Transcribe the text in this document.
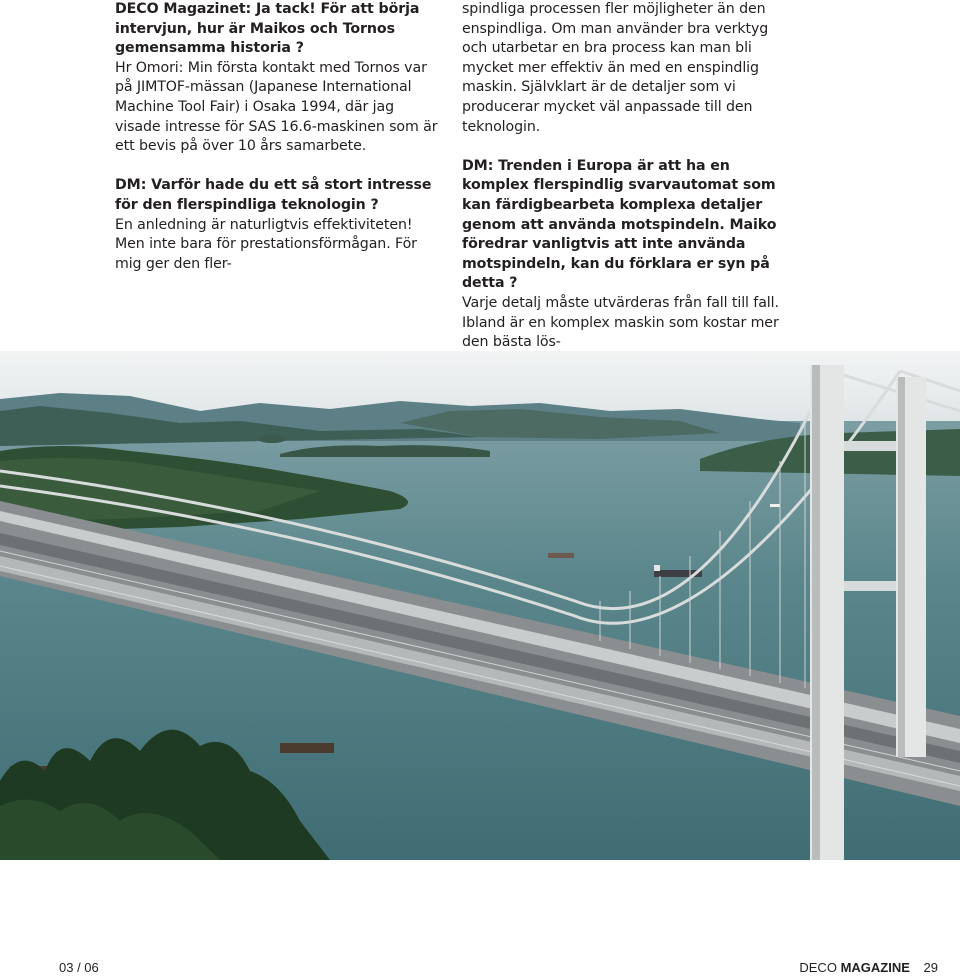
DECO Magazinet: Ja tack! För att börja intervjun, hur är Maikos och Tornos gemensamma historia ?

Hr Omori: Min första kontakt med Tornos var på JIMTOF-mässan (Japanese International Machine Tool Fair) i Osaka 1994, där jag visade intresse för SAS 16.6-maskinen som är ett bevis på över 10 års samarbete.

DM: Varför hade du ett så stort intresse för den flerspindliga teknologin ?

En anledning är naturligtvis effektiviteten! Men inte bara för prestationsförmågan. För mig ger den fler-

spindliga processen fler möjligheter än den enspindliga. Om man använder bra verktyg och utarbetar en bra process kan man bli mycket mer effektiv än med en enspindlig maskin. Självklart är de detaljer som vi producerar mycket väl anpassade till den teknologin.

DM: Trenden i Europa är att ha en komplex flerspindlig svarvautomat som kan färdigbearbeta komplexa detaljer genom att använda motspindeln. Maiko föredrar vanligtvis att inte använda motspindeln, kan du förklara er syn på detta ?

Varje detalj måste utvärderas från fall till fall. Ibland är en komplex maskin som kostar mer den bästa lös-

03 / 06	DECO MAGAZINE 29
